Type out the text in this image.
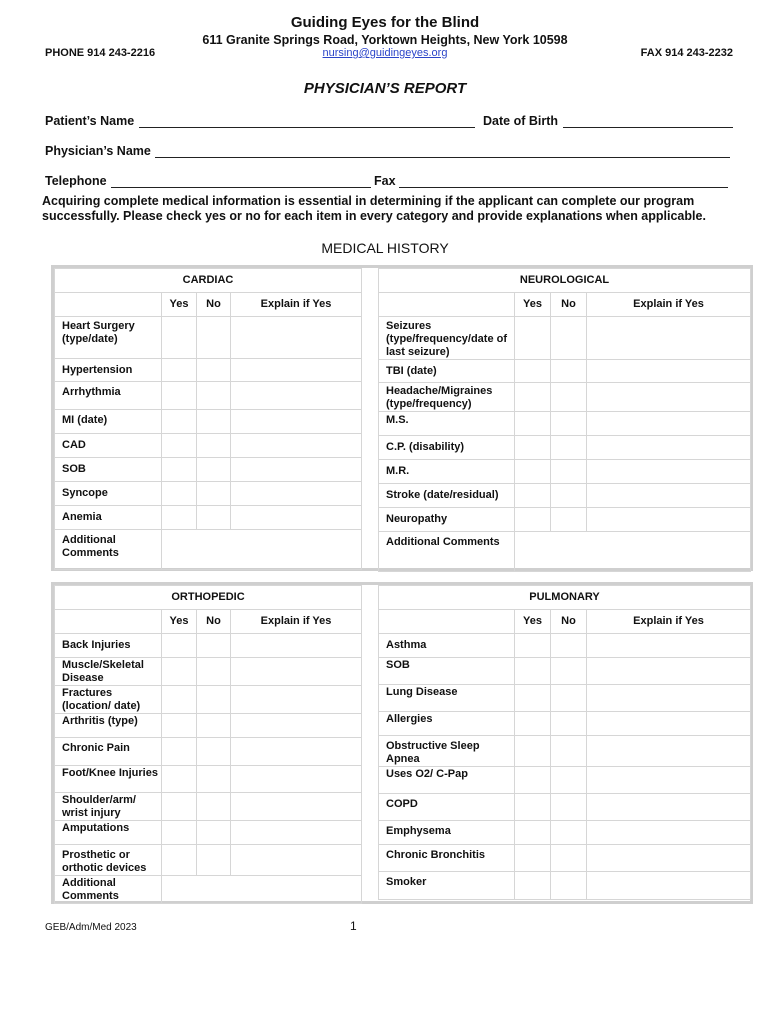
Guiding Eyes for the Blind
611 Granite Springs Road, Yorktown Heights, New York 10598
PHONE 914 243-2216	nursing@guidingeyes.org	FAX 914 243-2232
PHYSICIAN’S REPORT
Patient’s Name	Date of Birth
Physician’s Name
Telephone	Fax
Acquiring complete medical information is essential in determining if the applicant can complete our program successfully. Please check yes or no for each item in every category and provide explanations when applicable.
MEDICAL HISTORY
CARDIAC			
	Yes	No	Explain if Yes
Heart Surgery (type/date)			
Hypertension			
Arrhythmia			
MI (date)			
CAD			
SOB			
Syncope			
Anemia			
Additional Comments			
NEUROLOGICAL			
	Yes	No	Explain if Yes
Seizures (type/frequency/date of last seizure)			
TBI (date)			
Headache/Migraines (type/frequency)			
M.S.			
C.P. (disability)			
M.R.			
Stroke (date/residual)			
Neuropathy			
Additional Comments			
ORTHOPEDIC			
	Yes	No	Explain if Yes
Back Injuries			
Muscle/Skeletal Disease			
Fractures (location/ date)			
Arthritis (type)			
Chronic Pain			
Foot/Knee Injuries			
Shoulder/arm/ wrist injury			
Amputations			
Prosthetic or orthotic devices			
Additional Comments			
PULMONARY			
	Yes	No	Explain if Yes
Asthma			
SOB			
Lung Disease			
Allergies			
Obstructive Sleep Apnea			
Uses O2/ C-Pap			
COPD			
Emphysema			
Chronic Bronchitis			
Smoker			
GEB/Adm/Med 2023	1
